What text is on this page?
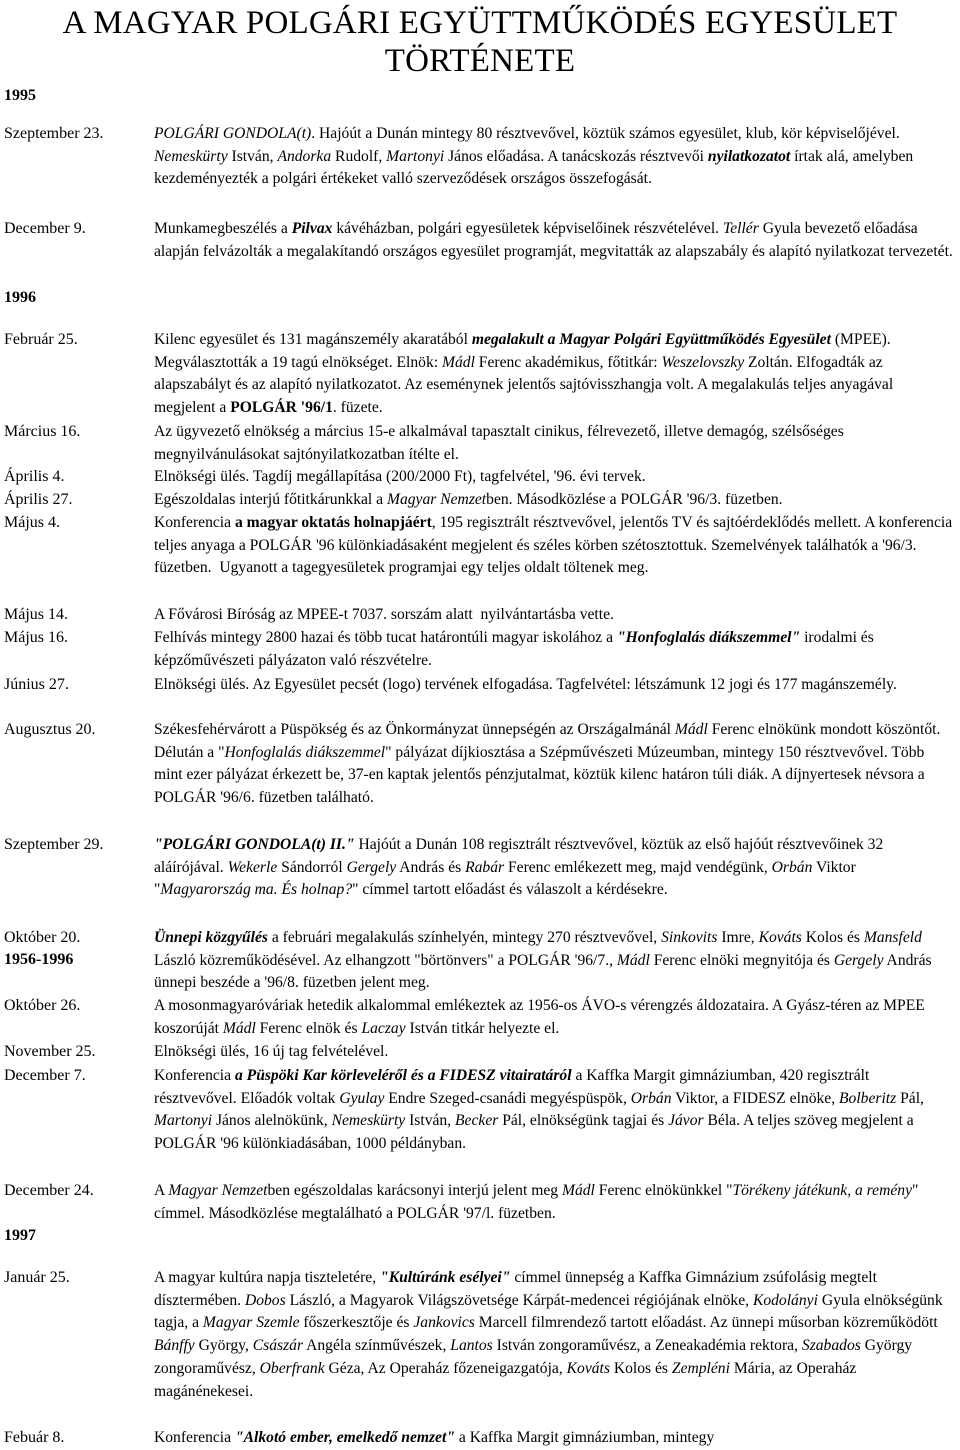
A MAGYAR POLGÁRI EGYÜTTMŰKÖDÉS EGYESÜLET
TÖRTÉNETE
1995
1996
1997
Szeptember 23.
December 9.
Február 25.
Március 16.
Április 4.
Április 27.
Május 4.
Május 14.
Május 16.
Június 27.
Augusztus 20.
Szeptember 29.
Október 20.
1956-1996
Október 26.
November 25.
December 7.
December 24.
Január 25.
Febuár 8.
POLGÁRI GONDOLA(t). Hajóút a Dunán mintegy 80 résztvevővel, köztük számos egyesület, klub, kör képviselőjével. Nemeskürty István, Andorka Rudolf, Martonyi János előadása. A tanácskozás résztvevői nyilatkozatot írtak alá, amelyben kezdeményezték a polgári értékeket valló szerveződések országos összefogását.
Munkamegbeszélés a Pilvax kávéházban, polgári egyesületek képviselőinek részvételével. Tellér Gyula bevezető előadása alapján felvázolták a megalakítandó országos egyesület programját, megvitatták az alapszabály és alapító nyilatkozat tervezetét.
Kilenc egyesület és 131 magánszemély akaratából megalakult a Magyar Polgári Együttműködés Egyesület (MPEE). Megválasztották a 19 tagú elnökséget. Elnök: Mádl Ferenc akadémikus, főtitkár: Weszelovszky Zoltán. Elfogadták az alapszabályt és az alapító nyilatkozatot. Az eseménynek jelentős sajtóvisszhangja volt. A megalakulás teljes anyagával megjelent a POLGÁR '96/1. füzete.
Az ügyvezető elnökség a március 15-e alkalmával tapasztalt cinikus, félrevezető, illetve demagóg, szélsőséges megnyilvánulásokat sajtónyilatkozatban ítélte el.
Elnökségi ülés. Tagdíj megállapítása (200/2000 Ft), tagfelvétel, '96. évi tervek.
Egészoldalas interjú főtitkárunkkal a Magyar Nemzetben. Másodközlése a POLGÁR '96/3. füzetben.
Konferencia a magyar oktatás holnapjáért, 195 regisztrált résztvevővel, jelentős TV és sajtóérdeklődés mellett. A konferencia teljes anyaga a POLGÁR '96 különkiadásaként megjelent és széles körben szétosztottuk. Szemelvények találhatók a '96/3. füzetben.  Ugyanott a tagegyesületek programjai egy teljes oldalt töltenek meg.
A Fővárosi Bíróság az MPEE-t 7037. sorszám alatt  nyilvántartásba vette.
Felhívás mintegy 2800 hazai és több tucat határontúli magyar iskolához a "Honfoglalás diákszemmel" irodalmi és képzőművészeti pályázaton való részvételre.
Elnökségi ülés. Az Egyesület pecsét (logo) tervének elfogadása. Tagfelvétel: létszámunk 12 jogi és 177 magánszemély.
Székesfehérvárott a Püspökség és az Önkormányzat ünnepségén az Országalmánál Mádl Ferenc elnökünk mondott köszöntőt.
Délután a "Honfoglalás diákszemmel" pályázat díjkiosztása a Szépművészeti Múzeumban, mintegy 150 résztvevővel. Több mint ezer pályázat érkezett be, 37-en kaptak jelentős pénzjutalmat, köztük kilenc határon túli diák. A díjnyertesek névsora a POLGÁR '96/6. füzetben található.
"POLGÁRI GONDOLA(t) II." Hajóút a Dunán 108 regisztrált résztvevővel, köztük az első hajóút résztvevőinek 32 aláírójával. Wekerle Sándorról Gergely András és Rabár Ferenc emlékezett meg, majd vendégünk, Orbán Viktor "Magyarország ma. És holnap?" címmel tartott előadást és válaszolt a kérdésekre.
Ünnepi közgyűlés a februári megalakulás színhelyén, mintegy 270 résztvevővel, Sinkovits Imre, Kováts Kolos és Mansfeld László közreműködésével. Az elhangzott "börtönvers" a POLGÁR '96/7., Mádl Ferenc elnöki megnyitója és Gergely András ünnepi beszéde a '96/8. füzetben jelent meg.
A mosonmagyaróváriak hetedik alkalommal emlékeztek az 1956-os ÁVO-s vérengzés áldozataira. A Gyász-téren az MPEE koszorúját Mádl Ferenc elnök és Laczay István titkár helyezte el.
Elnökségi ülés, 16 új tag felvételével.
Konferencia a Püspöki Kar körleveléről és a FIDESZ vitairatáról a Kaffka Margit gimnáziumban, 420 regisztrált résztvevővel. Előadók voltak Gyulay Endre Szeged-csanádi megyéspüspök, Orbán Viktor, a FIDESZ elnöke, Bolberitz Pál, Martonyi János alelnökünk, Nemeskürty István, Becker Pál, elnökségünk tagjai és Jávor Béla. A teljes szöveg megjelent a POLGÁR '96 különkiadásában, 1000 példányban.
A Magyar Nemzetben egészoldalas karácsonyi interjú jelent meg Mádl Ferenc elnökünkkel "Törékeny játékunk, a remény" címmel. Másodközlése megtalálható a POLGÁR '97/l. füzetben.
A magyar kultúra napja tiszteletére, "Kultúránk esélyei" címmel ünnepség a Kaffka Gimnázium zsúfolásig megtelt dísztermében. Dobos László, a Magyarok Világszövetsége Kárpát-medencei régiójának elnöke, Kodolányi Gyula elnökségünk tagja, a Magyar Szemle főszerkesztője és Jankovics Marcell filmrendező tartott előadást. Az ünnepi műsorban közreműködött Bánffy György, Császár Angéla színművészek, Lantos István zongoraművész, a Zeneakadémia rektora, Szabados György zongoraművész, Oberfrank Géza, Az Operaház főzeneigazgatója, Kováts Kolos és Zempléni Mária, az Operaház magánénekesei.
Konferencia "Alkotó ember, emelkedő nemzet" a Kaffka Margit gimnáziumban, mintegy
